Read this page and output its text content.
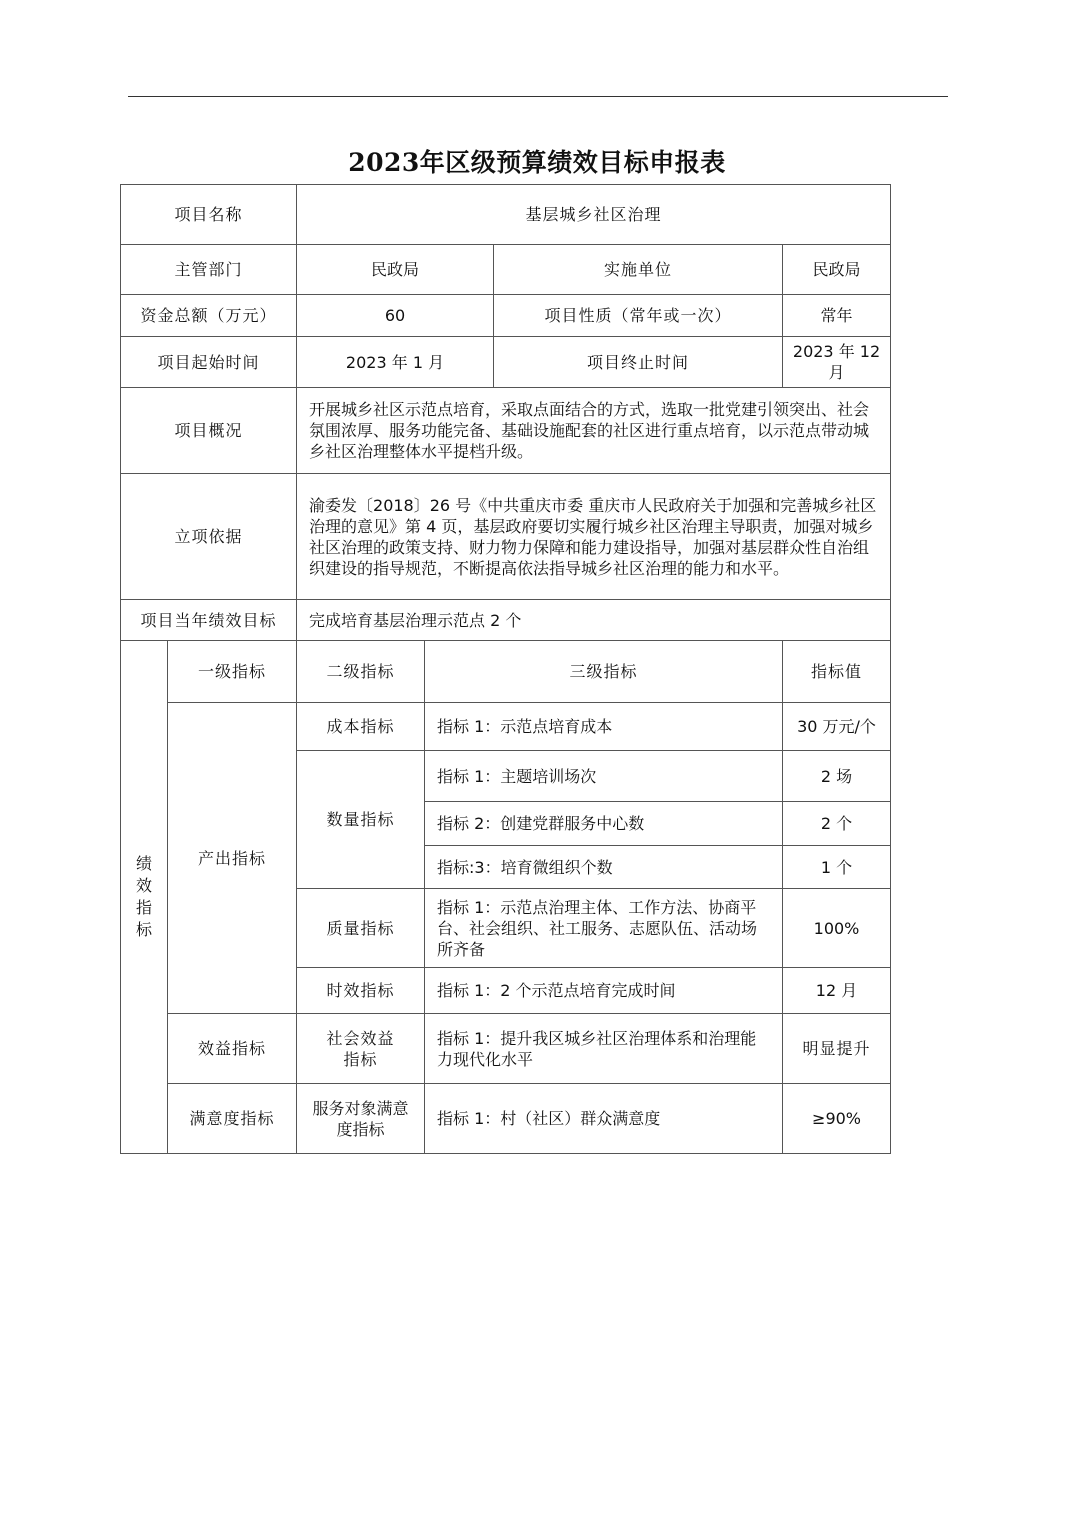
2023年区级预算绩效目标申报表
项目名称		基层城乡社区治理			
主管部门		民政局		实施单位	民政局
资金总额（万元）		60		项目性质（常年或一次）	常年
项目起始时间		2023 年 1 月		项目终止时间	2023 年 12 月
项目概况		开展城乡社区示范点培育，采取点面结合的方式，选取一批党建引领突出、社会氛围浓厚、服务功能完备、基础设施配套的社区进行重点培育，以示范点带动城乡社区治理整体水平提档升级。			
立项依据		渝委发〔2018〕26 号《中共重庆市委 重庆市人民政府关于加强和完善城乡社区治理的意见》第 4 页，基层政府要切实履行城乡社区治理主导职责，加强对城乡社区治理的政策支持、财力物力保障和能力建设指导，加强对基层群众性自治组织建设的指导规范，不断提高依法指导城乡社区治理的能力和水平。			
项目当年绩效目标		完成培育基层治理示范点 2 个			
绩效指标	一级指标	二级指标	三级指标		指标值
	产出指标	成本指标	指标 1：示范点培育成本		30 万元/个
		数量指标	指标 1：主题培训场次		2 场
			指标 2：创建党群服务中心数		2 个
			指标:3：培育微组织个数		1 个
		质量指标	指标 1：示范点治理主体、工作方法、协商平台、社会组织、社工服务、志愿队伍、活动场所齐备		100%
		时效指标	指标 1：2 个示范点培育完成时间		12 月
	效益指标	社会效益指标	指标 1：提升我区城乡社区治理体系和治理能力现代化水平		明显提升
	满意度指标	服务对象满意度指标	指标 1：村（社区）群众满意度		≥90%
